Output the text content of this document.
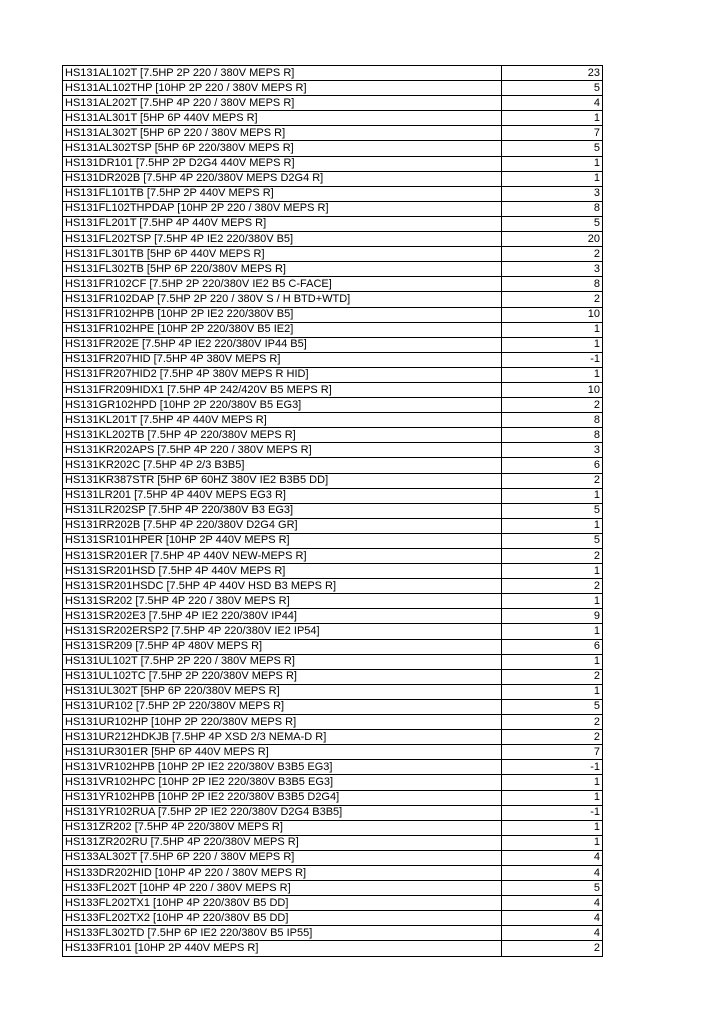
HS131AL102T [7.5HP 2P 220 / 380V MEPS R]	23
HS131AL102THP [10HP 2P 220 / 380V MEPS R]	5
HS131AL202T [7.5HP 4P 220 / 380V MEPS R]	4
HS131AL301T [5HP 6P 440V MEPS R]	1
HS131AL302T [5HP 6P 220 / 380V MEPS R]	7
HS131AL302TSP [5HP 6P 220/380V MEPS R]	5
HS131DR101 [7.5HP 2P D2G4 440V MEPS R]	1
HS131DR202B [7.5HP 4P 220/380V MEPS D2G4 R]	1
HS131FL101TB [7.5HP 2P 440V MEPS R]	3
HS131FL102THPDAP [10HP 2P 220 / 380V MEPS R]	8
HS131FL201T [7.5HP 4P 440V MEPS R]	5
HS131FL202TSP [7.5HP 4P IE2 220/380V B5]	20
HS131FL301TB [5HP 6P 440V MEPS R]	2
HS131FL302TB [5HP 6P 220/380V MEPS R]	3
HS131FR102CF [7.5HP 2P 220/380V IE2 B5 C-FACE]	8
HS131FR102DAP [7.5HP 2P 220 / 380V S / H BTD+WTD]	2
HS131FR102HPB [10HP 2P IE2 220/380V B5]	10
HS131FR102HPE [10HP 2P 220/380V B5 IE2]	1
HS131FR202E [7.5HP 4P IE2 220/380V IP44 B5]	1
HS131FR207HID [7.5HP 4P 380V MEPS R]	-1
HS131FR207HID2 [7.5HP 4P 380V MEPS R HID]	1
HS131FR209HIDX1 [7.5HP 4P 242/420V B5 MEPS R]	10
HS131GR102HPD [10HP 2P 220/380V B5 EG3]	2
HS131KL201T [7.5HP 4P 440V MEPS R]	8
HS131KL202TB [7.5HP 4P 220/380V MEPS R]	8
HS131KR202APS [7.5HP 4P 220 / 380V MEPS R]	3
HS131KR202C [7.5HP 4P 2/3 B3B5]	6
HS131KR387STR [5HP 6P 60HZ 380V IE2 B3B5 DD]	2
HS131LR201 [7.5HP 4P 440V MEPS EG3 R]	1
HS131LR202SP [7.5HP 4P 220/380V B3 EG3]	5
HS131RR202B [7.5HP 4P 220/380V D2G4 GR]	1
HS131SR101HPER [10HP 2P 440V MEPS R]	5
HS131SR201ER [7.5HP 4P 440V NEW-MEPS R]	2
HS131SR201HSD [7.5HP 4P 440V MEPS R]	1
HS131SR201HSDC [7.5HP 4P 440V HSD B3 MEPS R]	2
HS131SR202 [7.5HP 4P 220 / 380V MEPS R]	1
HS131SR202E3 [7.5HP 4P IE2 220/380V IP44]	9
HS131SR202ERSP2 [7.5HP 4P 220/380V IE2 IP54]	1
HS131SR209 [7.5HP 4P 480V MEPS R]	6
HS131UL102T [7.5HP 2P 220 / 380V MEPS R]	1
HS131UL102TC [7.5HP 2P 220/380V MEPS R]	2
HS131UL302T [5HP 6P 220/380V MEPS R]	1
HS131UR102 [7.5HP 2P 220/380V MEPS R]	5
HS131UR102HP [10HP 2P 220/380V MEPS R]	2
HS131UR212HDKJB [7.5HP 4P XSD 2/3 NEMA-D R]	2
HS131UR301ER [5HP 6P 440V MEPS R]	7
HS131VR102HPB [10HP 2P IE2 220/380V B3B5 EG3]	-1
HS131VR102HPC [10HP 2P IE2 220/380V B3B5 EG3]	1
HS131YR102HPB [10HP 2P IE2 220/380V B3B5 D2G4]	1
HS131YR102RUA [7.5HP 2P IE2 220/380V D2G4 B3B5]	-1
HS131ZR202 [7.5HP 4P 220/380V MEPS R]	1
HS131ZR202RU [7.5HP 4P 220/380V MEPS R]	1
HS133AL302T [7.5HP 6P 220 / 380V MEPS R]	4
HS133DR202HID [10HP 4P 220 / 380V MEPS R]	4
HS133FL202T [10HP 4P 220 / 380V MEPS R]	5
HS133FL202TX1 [10HP 4P 220/380V B5 DD]	4
HS133FL202TX2 [10HP 4P 220/380V B5 DD]	4
HS133FL302TD [7.5HP 6P IE2 220/380V B5 IP55]	4
HS133FR101 [10HP 2P 440V MEPS R]	2
